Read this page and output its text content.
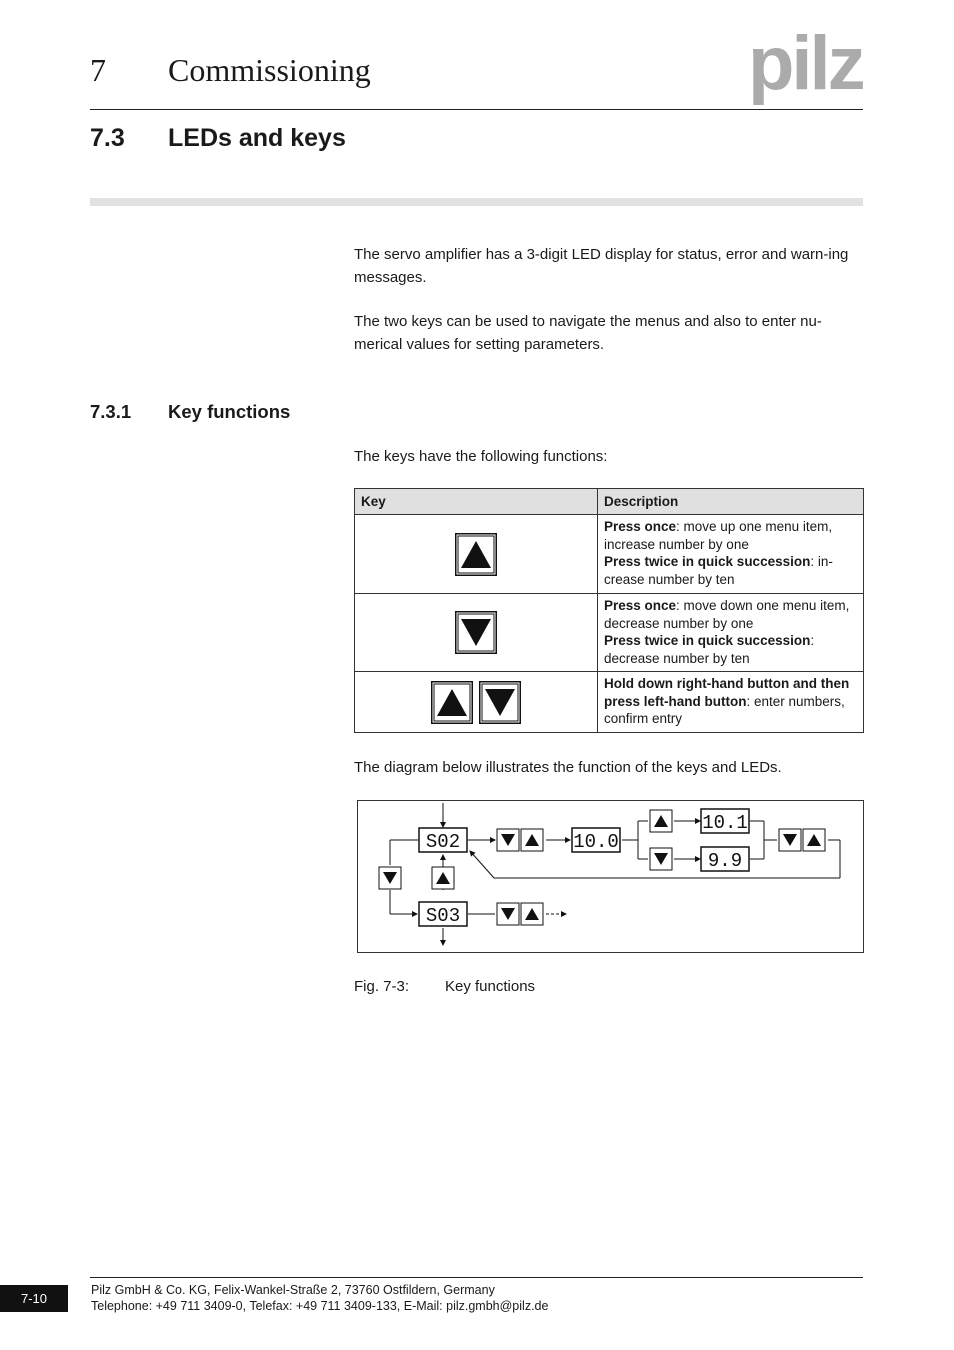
7 Commissioning	pilz
7.3 LEDs and keys
The servo amplifier has a 3-digit LED display for status, error and warn-ing messages.
The two keys can be used to navigate the menus and also to enter nu-merical values for setting parameters.
7.3.1 Key functions
The keys have the following functions:
Key	Description
	Press once: move up one menu item, increase number by one
Press twice in quick succession: in-crease number by ten
	Press once: move down one menu item, decrease number by one
Press twice in quick succession: decrease number by ten
	Hold down right-hand button and then press left-hand button: enter numbers, confirm entry
The diagram below illustrates the function of the keys and LEDs.
S02	10.0
10.1
9.9
S03
Fig. 7-3: Key functions
7-10
Pilz GmbH & Co. KG, Felix-Wankel-Straße 2, 73760 Ostfildern, Germany
Telephone: +49 711 3409-0, Telefax: +49 711 3409-133, E-Mail: pilz.gmbh@pilz.de
